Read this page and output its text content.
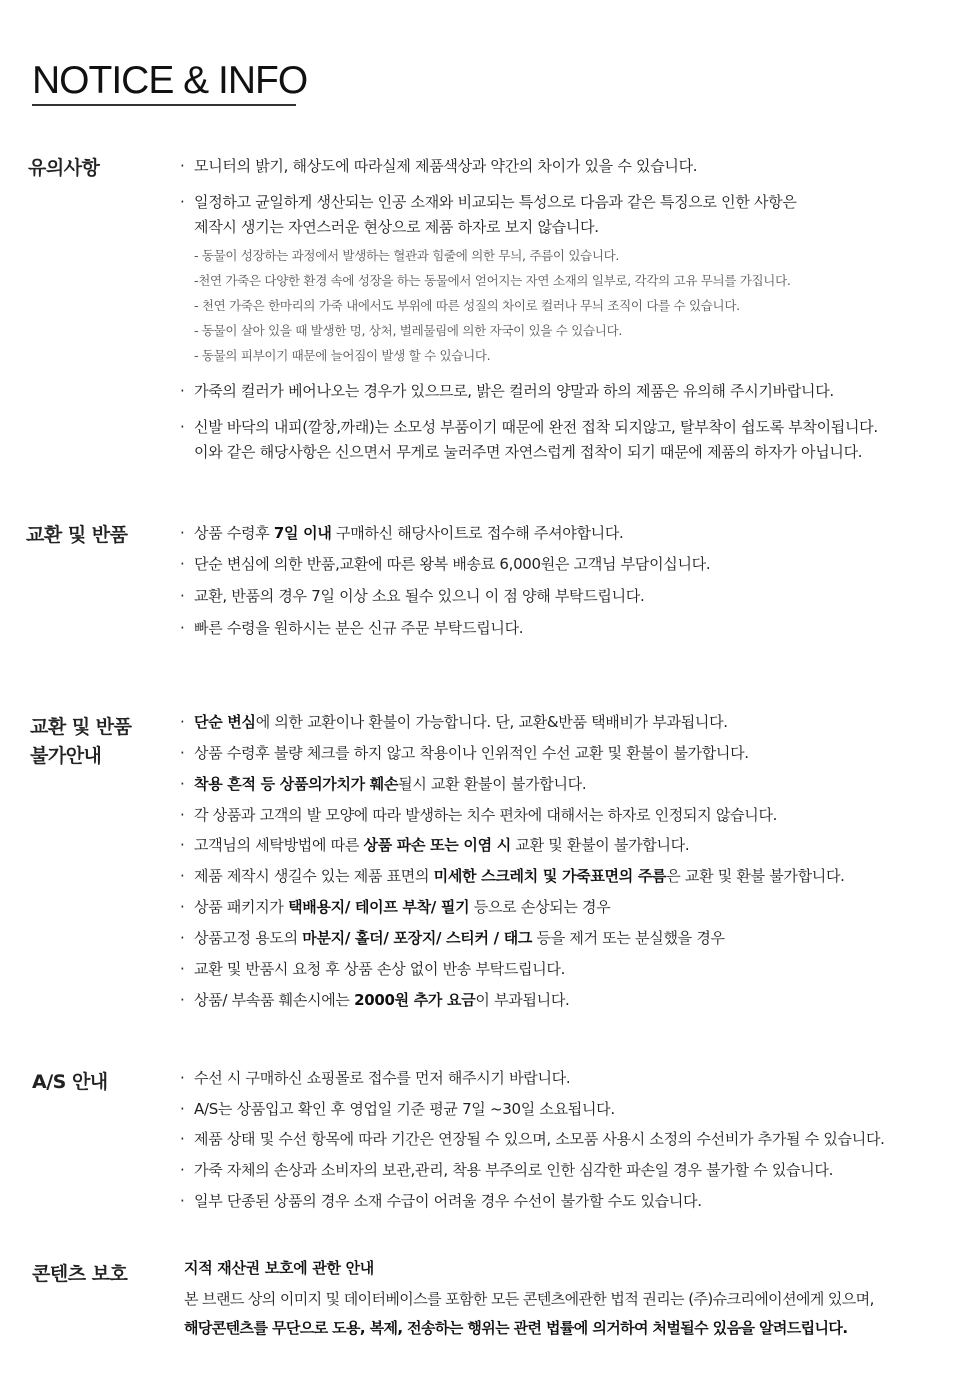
NOTICE & INFO
유의사항	· 모니터의 밝기, 해상도에 따라실제 제품색상과 약간의 차이가 있을 수 있습니다.
· 일정하고 균일하게 생산되는 인공 소재와 비교되는 특성으로 다음과 같은 특징으로 인한 사항은
제작시 생기는 자연스러운 현상으로 제품 하자로 보지 않습니다.
- 동물이 성장하는 과정에서 발생하는 혈관과 힘줄에 의한 무늬, 주름이 있습니다.
-천연 가죽은 다양한 환경 속에 성장을 하는 동물에서 얻어지는 자연 소재의 일부로, 각각의 고유 무늬를 가집니다.
- 천연 가죽은 한마리의 가죽 내에서도 부위에 따른 성질의 차이로 컬러나 무늬 조직이 다를 수 있습니다.
- 동물이 살아 있을 때 발생한 멍, 상처, 벌레물림에 의한 자국이 있을 수 있습니다.
- 동물의 피부이기 때문에 늘어짐이 발생 할 수 있습니다.
· 가죽의 컬러가 베어나오는 경우가 있으므로, 밝은 컬러의 양말과 하의 제품은 유의해 주시기바랍니다.
· 신발 바닥의 내피(깔창,까래)는 소모성 부품이기 때문에 완전 접착 되지않고, 탈부착이 쉽도록 부착이됩니다.
이와 같은 해당사항은 신으면서 무게로 눌러주면 자연스럽게 접착이 되기 때문에 제품의 하자가 아닙니다.
교환 및 반품	· 상품 수령후 7일 이내 구매하신 해당사이트로 접수해 주셔야합니다.
· 단순 변심에 의한 반품,교환에 따른 왕복 배송료 6,000원은 고객님 부담이십니다.
· 교환, 반품의 경우 7일 이상 소요 될수 있으니 이 점 양해 부탁드립니다.
· 빠른 수령을 원하시는 분은 신규 주문 부탁드립니다.
교환 및 반품
불가안내
· 단순 변심에 의한 교환이나 환불이 가능합니다. 단, 교환&반품 택배비가 부과됩니다.
· 상품 수령후 불량 체크를 하지 않고 착용이나 인위적인 수선 교환 및 환불이 불가합니다.
· 착용 흔적 등 상품의가치가 훼손될시 교환 환불이 불가합니다.
· 각 상품과 고객의 발 모양에 따라 발생하는 치수 편차에 대해서는 하자로 인정되지 않습니다.
· 고객님의 세탁방법에 따른 상품 파손 또는 이염 시 교환 및 환불이 불가합니다.
· 제품 제작시 생길수 있는 제품 표면의 미세한 스크레치 및 가죽표면의 주름은 교환 및 환불 불가합니다.
· 상품 패키지가 택배용지/ 테이프 부착/ 필기 등으로 손상되는 경우
· 상품고정 용도의 마분지/ 홀더/ 포장지/ 스티커 / 태그 등을 제거 또는 분실했을 경우
· 교환 및 반품시 요청 후 상품 손상 없이 반송 부탁드립니다.
· 상품/ 부속품 훼손시에는 2000원 추가 요금이 부과됩니다.
A/S 안내	· 수선 시 구매하신 쇼핑몰로 접수를 먼저 해주시기 바랍니다.
· A/S는 상품입고 확인 후 영업일 기준 평균 7일 ~30일 소요됩니다.
· 제품 상태 및 수선 항목에 따라 기간은 연장될 수 있으며, 소모품 사용시 소정의 수선비가 추가될 수 있습니다.
· 가죽 자체의 손상과 소비자의 보관,관리, 착용 부주의로 인한 심각한 파손일 경우 불가할 수 있습니다.
· 일부 단종된 상품의 경우 소재 수급이 어려울 경우 수선이 불가할 수도 있습니다.
콘텐츠 보호	지적 재산권 보호에 관한 안내
본 브랜드 상의 이미지 및 데이터베이스를 포함한 모든 콘텐츠에관한 법적 권리는 (주)슈크리에이션에게 있으며,
해당콘텐츠를 무단으로 도용, 복제, 전송하는 행위는 관련 법률에 의거하여 처벌될수 있음을 알려드립니다.
